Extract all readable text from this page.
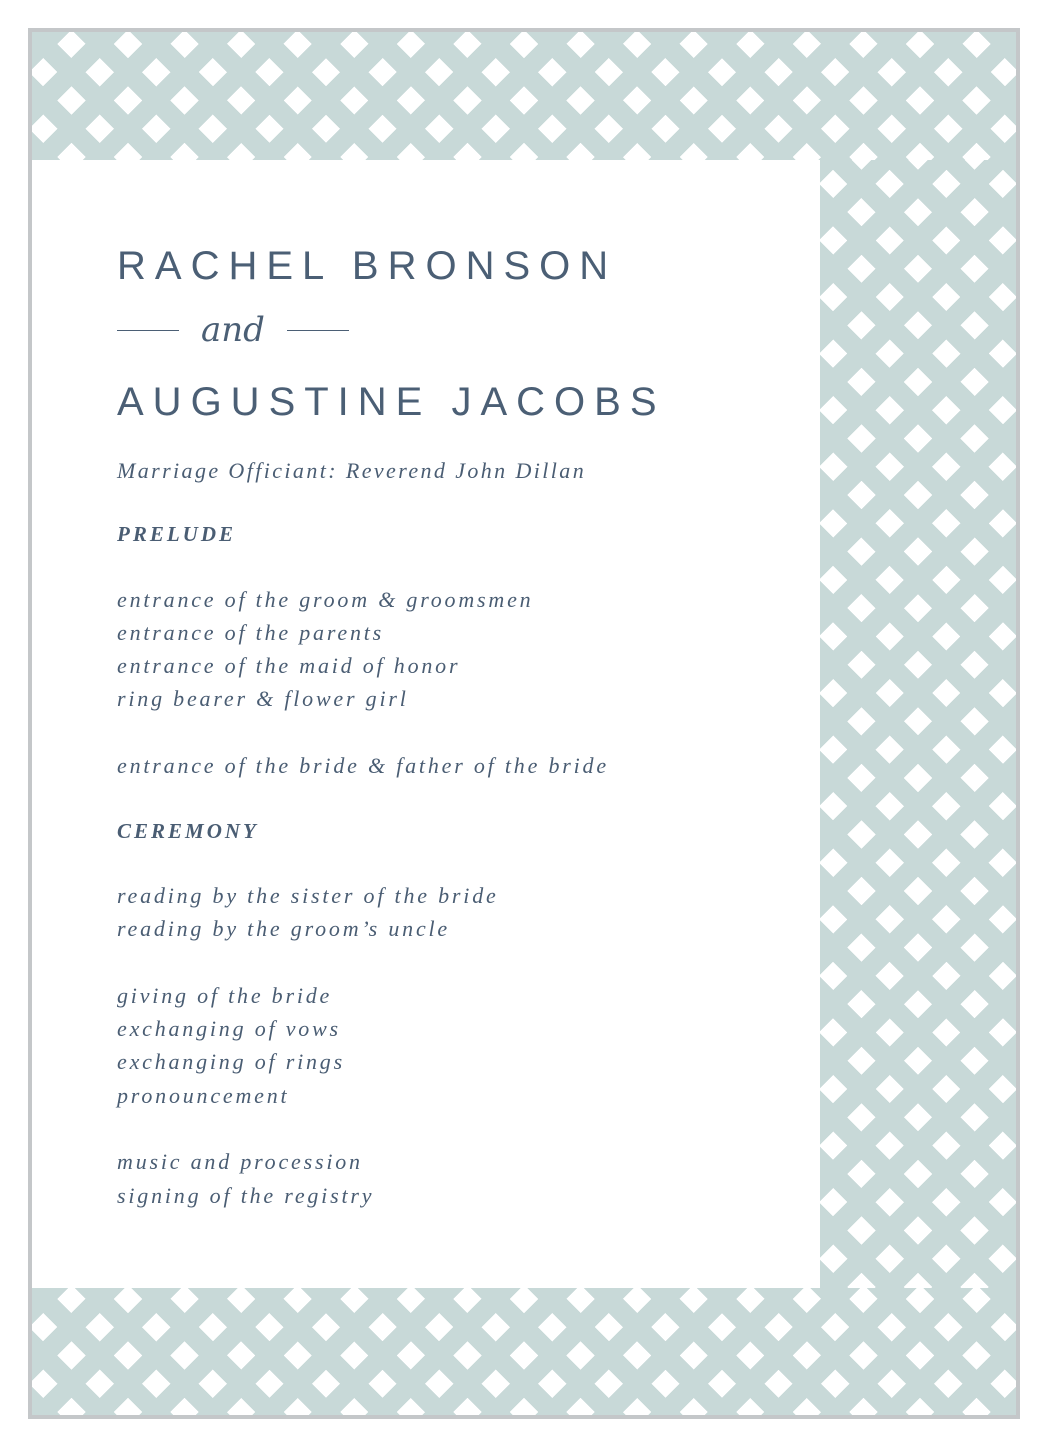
RACHEL BRONSON
and
AUGUSTINE JACOBS
Marriage Officiant: Reverend John Dillan
PRELUDE
entrance of the groom & groomsmen
entrance of the parents
entrance of the maid of honor
ring bearer & flower girl
entrance of the bride & father of the bride
CEREMONY
reading by the sister of the bride
reading by the groom’s uncle
giving of the bride
exchanging of vows
exchanging of rings
pronouncement
music and procession
signing of the registry
